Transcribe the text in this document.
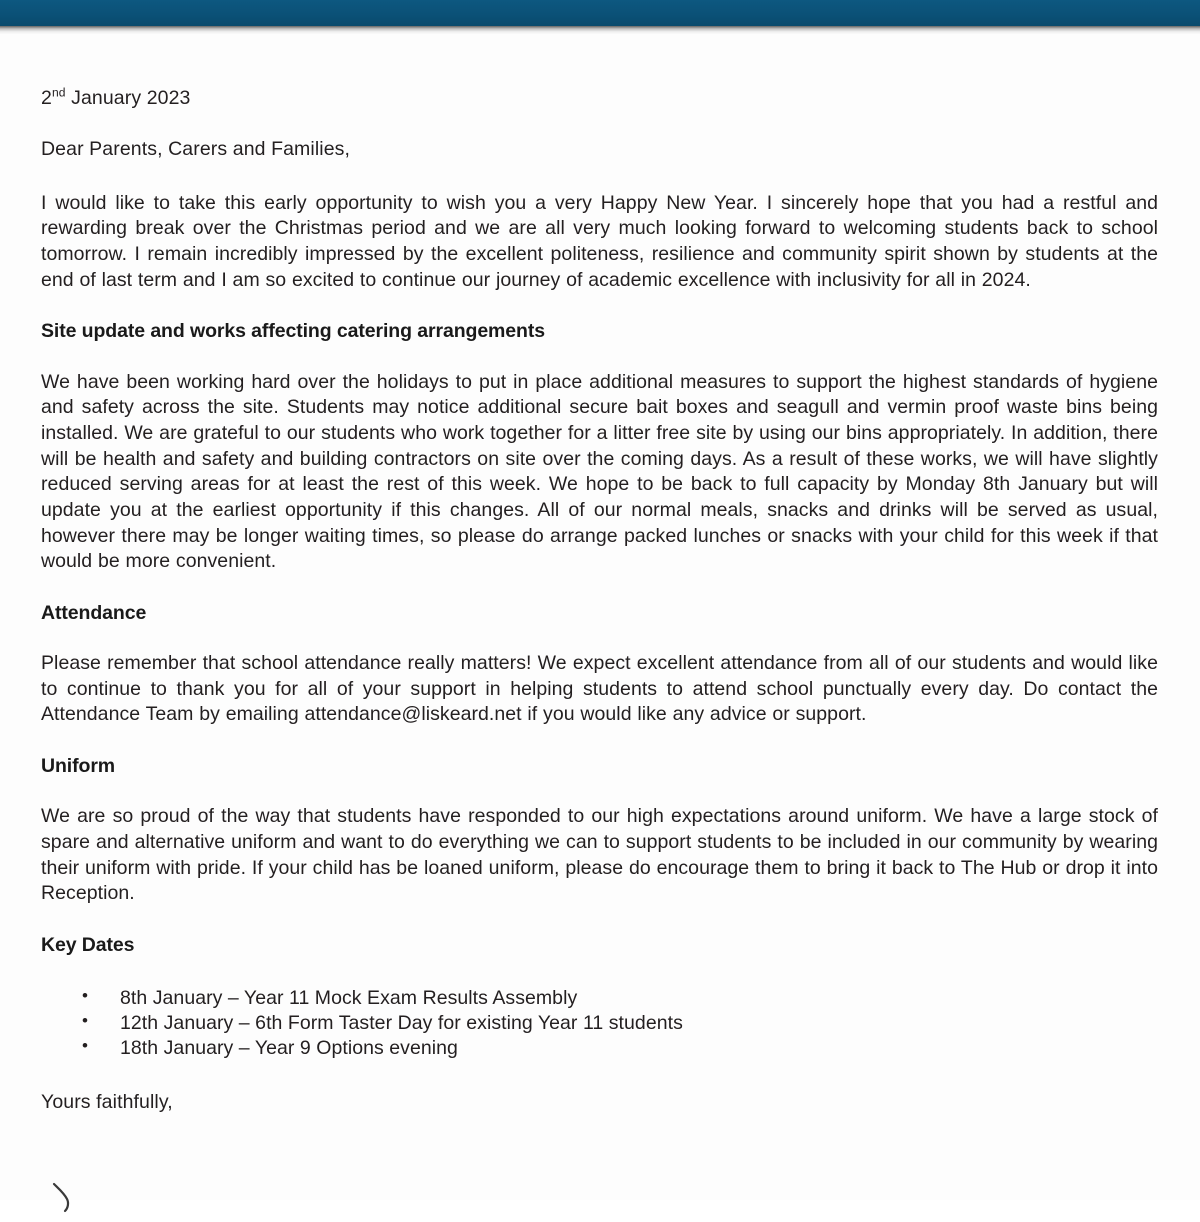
2nd January 2023
Dear Parents, Carers and Families,

I would like to take this early opportunity to wish you a very Happy New Year. I sincerely hope that you had a restful and rewarding break over the Christmas period and we are all very much looking forward to welcoming students back to school tomorrow. I remain incredibly impressed by the excellent politeness, resilience and community spirit shown by students at the end of last term and I am so excited to continue our journey of academic excellence with inclusivity for all in 2024.

Site update and works affecting catering arrangements

We have been working hard over the holidays to put in place additional measures to support the highest standards of hygiene and safety across the site. Students may notice additional secure bait boxes and seagull and vermin proof waste bins being installed. We are grateful to our students who work together for a litter free site by using our bins appropriately. In addition, there will be health and safety and building contractors on site over the coming days. As a result of these works, we will have slightly reduced serving areas for at least the rest of this week. We hope to be back to full capacity by Monday 8th January but will update you at the earliest opportunity if this changes. All of our normal meals, snacks and drinks will be served as usual, however there may be longer waiting times, so please do arrange packed lunches or snacks with your child for this week if that would be more convenient.

Attendance

Please remember that school attendance really matters! We expect excellent attendance from all of our students and would like to continue to thank you for all of your support in helping students to attend school punctually every day. Do contact the Attendance Team by emailing attendance@liskeard.net if you would like any advice or support.

Uniform

We are so proud of the way that students have responded to our high expectations around uniform. We have a large stock of spare and alternative uniform and want to do everything we can to support students to be included in our community by wearing their uniform with pride. If your child has be loaned uniform, please do encourage them to bring it back to The Hub or drop it into Reception.

Key Dates
• 8th January – Year 11 Mock Exam Results Assembly
• 12th January – 6th Form Taster Day for existing Year 11 students
• 18th January – Year 9 Options evening
Yours faithfully,
